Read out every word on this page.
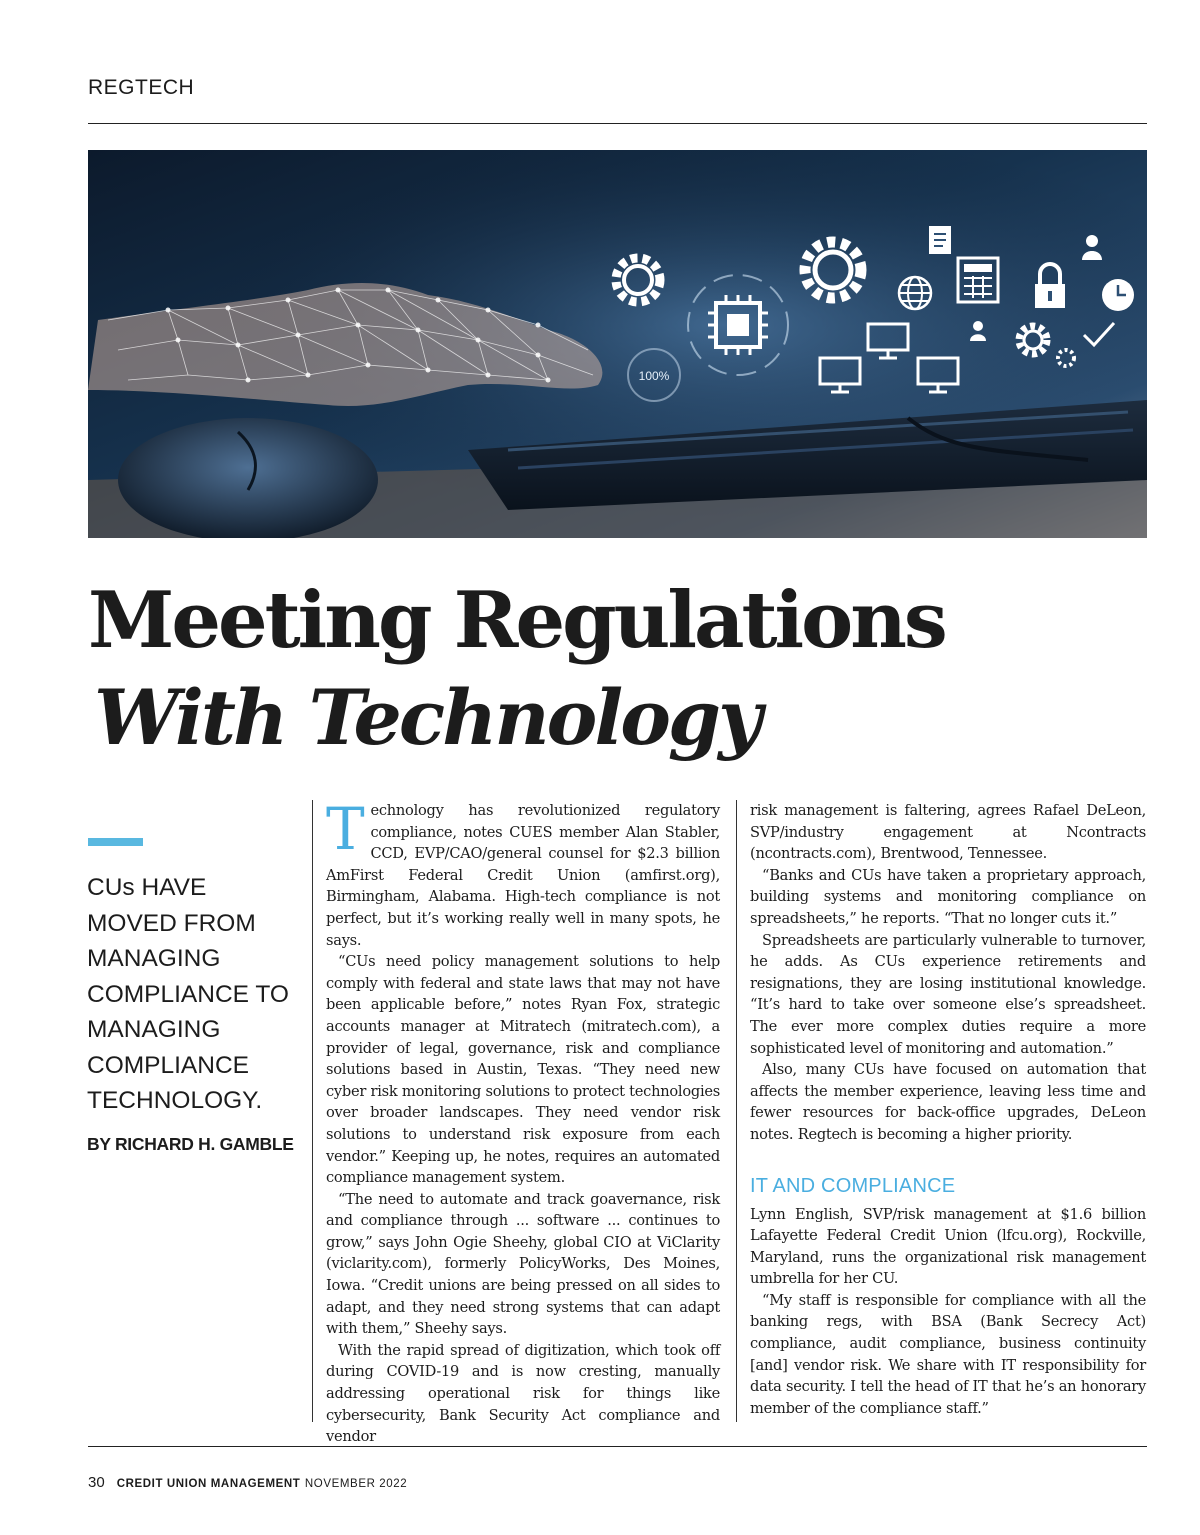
REGTECH

100%
Meeting Regulations
With Technology

CUs HAVE MOVED FROM MANAGING COMPLIANCE TO MANAGING COMPLIANCE TECHNOLOGY.

BY RICHARD H. GAMBLE

Technology has revolutionized regulatory compliance, notes CUES member Alan Stabler, CCD, EVP/CAO/general counsel for $2.3 billion AmFirst Federal Credit Union (amfirst.org), Birmingham, Alabama. High-tech compliance is not perfect, but it’s working really well in many spots, he says.

“CUs need policy management solutions to help comply with federal and state laws that may not have been applicable before,” notes Ryan Fox, strategic accounts manager at Mitratech (mitratech.com), a provider of legal, governance, risk and compliance solutions based in Austin, Texas. “They need new cyber risk monitoring solutions to protect technologies over broader landscapes. They need vendor risk solutions to understand risk exposure from each vendor.” Keeping up, he notes, requires an automated compliance management system.

“The need to automate and track goavernance, risk and compliance through ... software ... continues to grow,” says John Ogie Sheehy, global CIO at ViClarity (viclarity.com), formerly PolicyWorks, Des Moines, Iowa. “Credit unions are being pressed on all sides to adapt, and they need strong systems that can adapt with them,” Sheehy says.

With the rapid spread of digitization, which took off during COVID-19 and is now cresting, manually addressing operational risk for things like cybersecurity, Bank Security Act compliance and vendor

risk management is faltering, agrees Rafael DeLeon, SVP/industry engagement at Ncontracts (ncontracts.com), Brentwood, Tennessee.

“Banks and CUs have taken a proprietary approach, building systems and monitoring compliance on spreadsheets,” he reports. “That no longer cuts it.”

Spreadsheets are particularly vulnerable to turnover, he adds. As CUs experience retirements and resignations, they are losing institutional knowledge. “It’s hard to take over someone else’s spreadsheet. The ever more complex duties require a more sophisticated level of monitoring and automation.”

Also, many CUs have focused on automation that affects the member experience, leaving less time and fewer resources for back-office upgrades, DeLeon notes. Regtech is becoming a higher priority.

IT AND COMPLIANCE

Lynn English, SVP/risk management at $1.6 billion Lafayette Federal Credit Union (lfcu.org), Rockville, Maryland, runs the organizational risk management umbrella for her CU.

“My staff is responsible for compliance with all the banking regs, with BSA (Bank Secrecy Act) compliance, audit compliance, business continuity [and] vendor risk. We share with IT responsibility for data security. I tell the head of IT that he’s an honorary member of the compliance staff.”

30 CREDIT UNION MANAGEMENT NOVEMBER 2022
